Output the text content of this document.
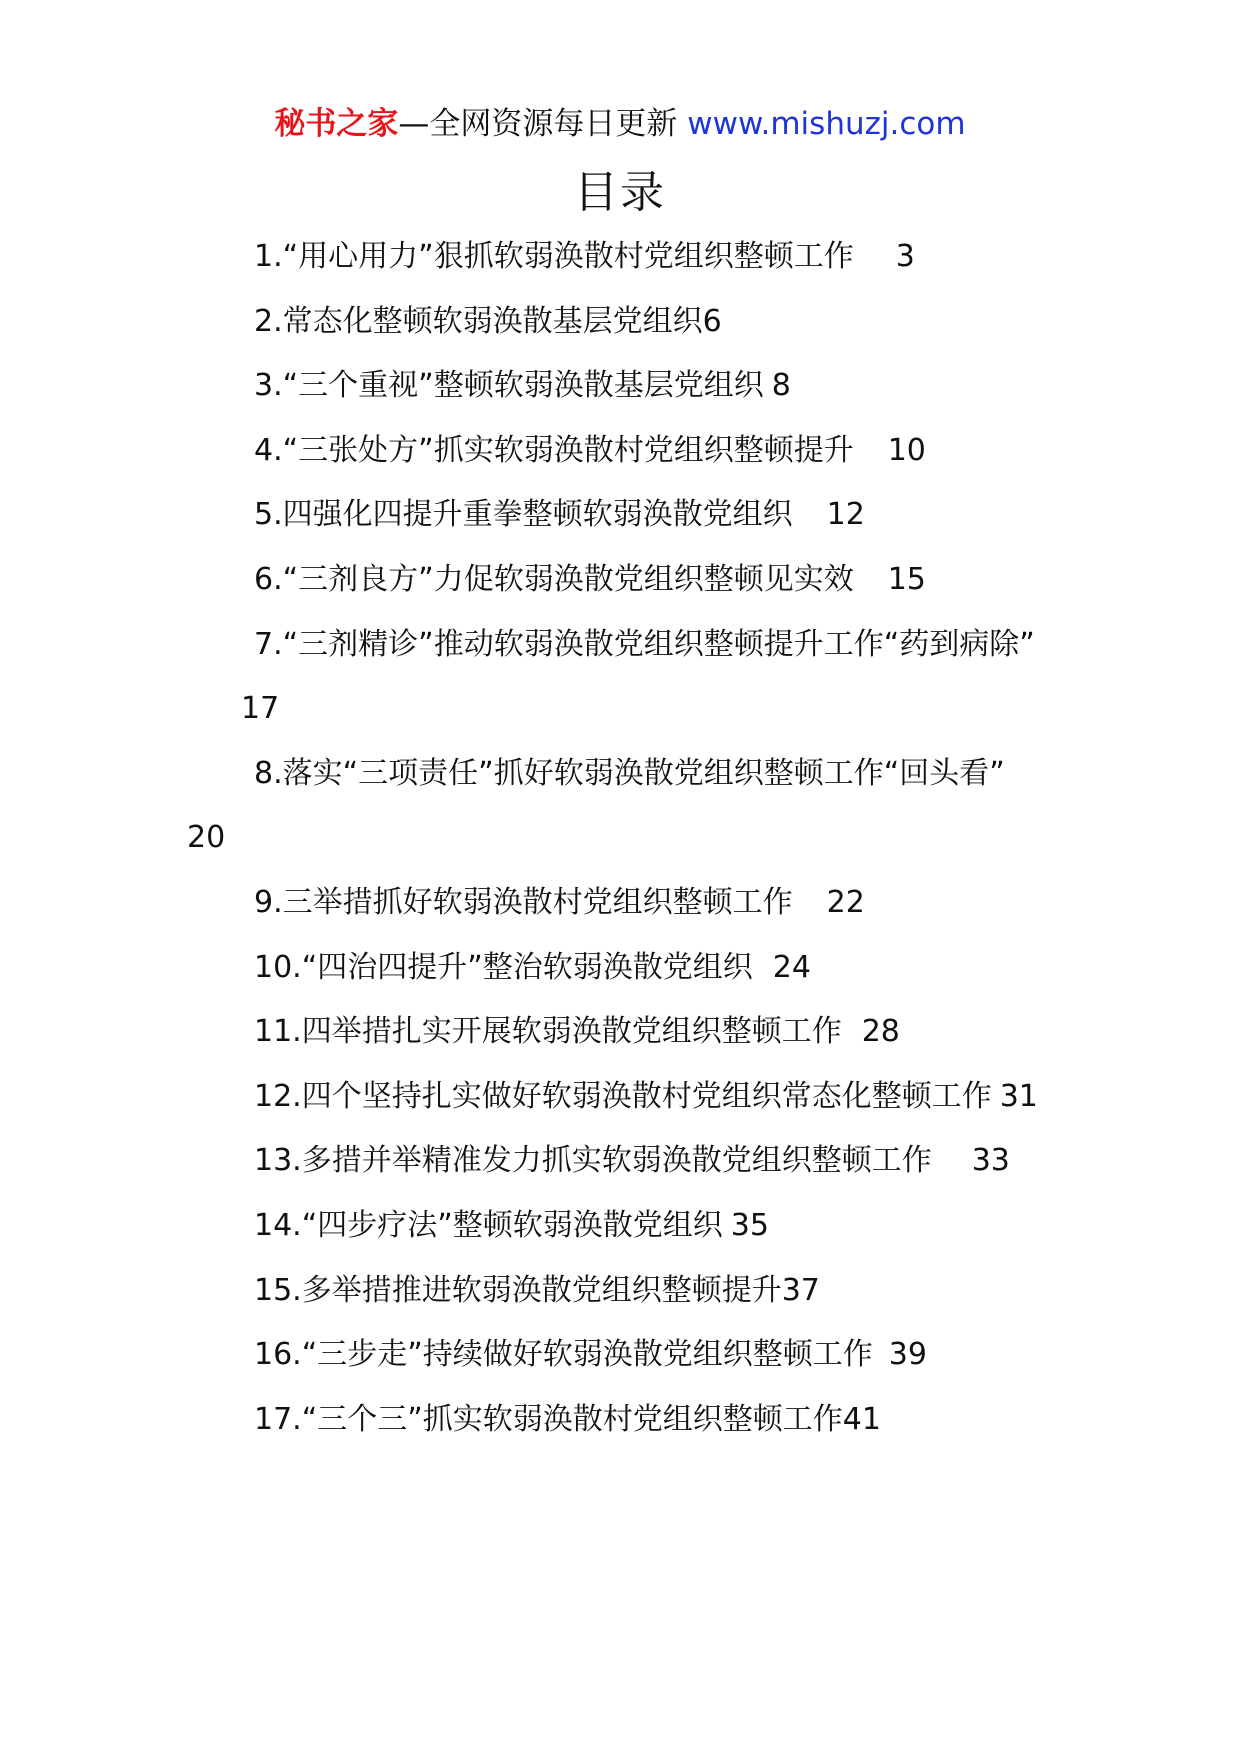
秘书之家—全网资源每日更新 www.mishuzj.com
目录
1.“用心用力”狠抓软弱涣散村党组织整顿工作 3
2.常态化整顿软弱涣散基层党组织6
3.“三个重视”整顿软弱涣散基层党组织 8
4.“三张处方”抓实软弱涣散村党组织整顿提升 10
5.四强化四提升重拳整顿软弱涣散党组织 12
6.“三剂良方”力促软弱涣散党组织整顿见实效 15
7.“三剂精诊”推动软弱涣散党组织整顿提升工作“药到病除”17
8.落实“三项责任”抓好软弱涣散党组织整顿工作“回头看”20
9.三举措抓好软弱涣散村党组织整顿工作 22
10.“四治四提升”整治软弱涣散党组织 24
11.四举措扎实开展软弱涣散党组织整顿工作 28
12.四个坚持扎实做好软弱涣散村党组织常态化整顿工作 31
13.多措并举精准发力抓实软弱涣散党组织整顿工作 33
14.“四步疗法”整顿软弱涣散党组织 35
15.多举措推进软弱涣散党组织整顿提升37
16.“三步走”持续做好软弱涣散党组织整顿工作 39
17.“三个三”抓实软弱涣散村党组织整顿工作41
